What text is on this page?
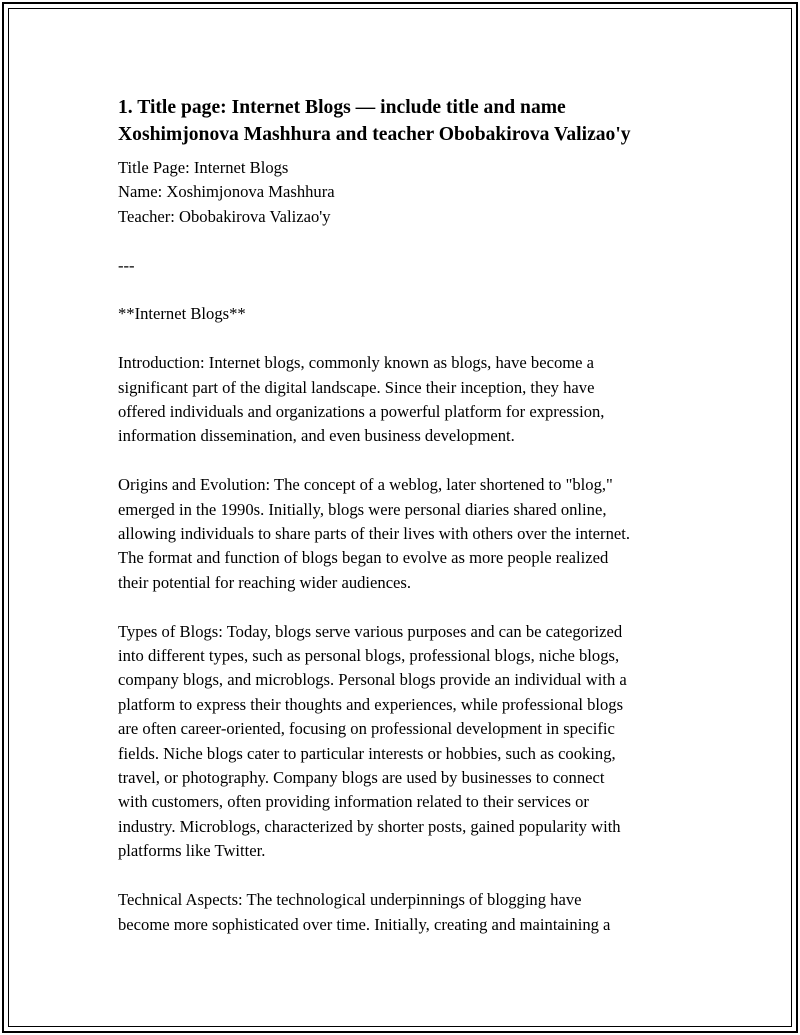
1. Title page: Internet Blogs — include title and name
Xoshimjonova Mashhura and teacher Obobakirova Valizao'y

Title Page: Internet Blogs
Name: Xoshimjonova Mashhura
Teacher: Obobakirova Valizao'y

---

**Internet Blogs**

Introduction: Internet blogs, commonly known as blogs, have become a
significant part of the digital landscape. Since their inception, they have
offered individuals and organizations a powerful platform for expression,
information dissemination, and even business development.

Origins and Evolution: The concept of a weblog, later shortened to "blog,"
emerged in the 1990s. Initially, blogs were personal diaries shared online,
allowing individuals to share parts of their lives with others over the internet.
The format and function of blogs began to evolve as more people realized
their potential for reaching wider audiences.

Types of Blogs: Today, blogs serve various purposes and can be categorized
into different types, such as personal blogs, professional blogs, niche blogs,
company blogs, and microblogs. Personal blogs provide an individual with a
platform to express their thoughts and experiences, while professional blogs
are often career-oriented, focusing on professional development in specific
fields. Niche blogs cater to particular interests or hobbies, such as cooking,
travel, or photography. Company blogs are used by businesses to connect
with customers, often providing information related to their services or
industry. Microblogs, characterized by shorter posts, gained popularity with
platforms like Twitter.

Technical Aspects: The technological underpinnings of blogging have
become more sophisticated over time. Initially, creating and maintaining a
